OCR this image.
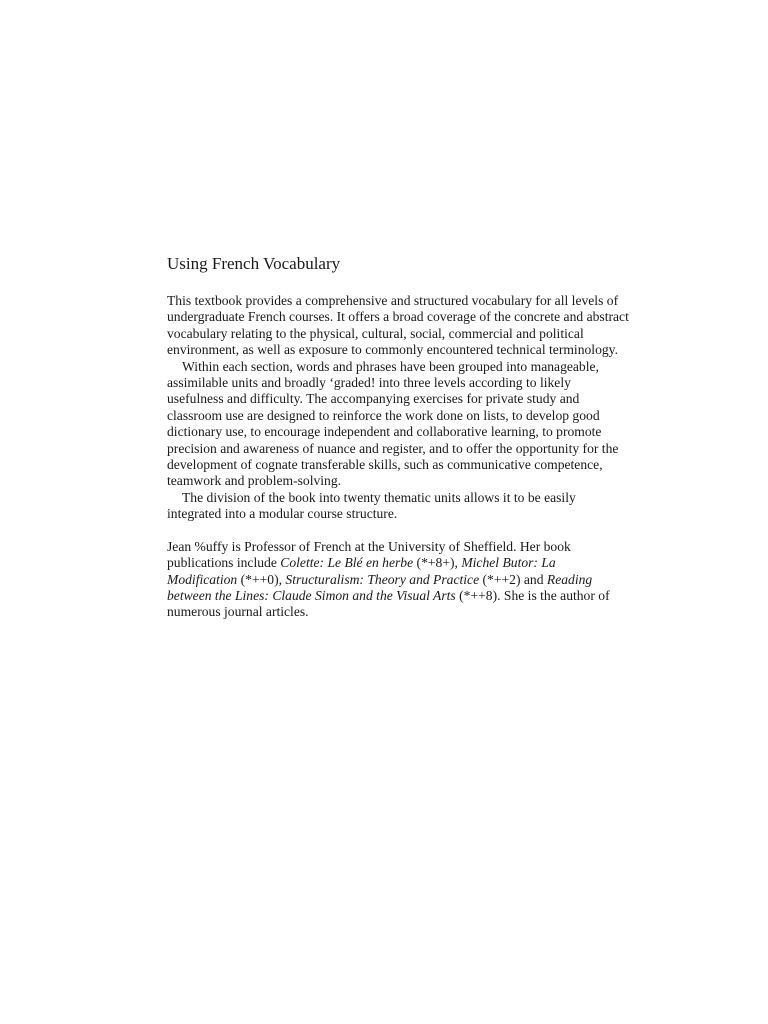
Using French Vocabulary

This textbook provides a comprehensive and structured vocabulary for all levels of undergraduate French courses. It offers a broad coverage of the concrete and abstract vocabulary relating to the physical, cultural, social, commercial and political environment, as well as exposure to commonly encountered technical terminology.

Within each section, words and phrases have been grouped into manageable, assimilable units and broadly ‘graded! into three levels according to likely usefulness and difficulty. The accompanying exercises for private study and classroom use are designed to reinforce the work done on lists, to develop good dictionary use, to encourage independent and collaborative learning, to promote precision and awareness of nuance and register, and to offer the opportunity for the development of cognate transferable skills, such as communicative competence, teamwork and problem-solving.

The division of the book into twenty thematic units allows it to be easily integrated into a modular course structure.

Jean %uffy is Professor of French at the University of Sheffield. Her book publications include Colette: Le Blé en herbe (*+8+), Michel Butor: La Modification (*++0), Structuralism: Theory and Practice (*++2) and Reading between the Lines: Claude Simon and the Visual Arts (*++8). She is the author of numerous journal articles.
